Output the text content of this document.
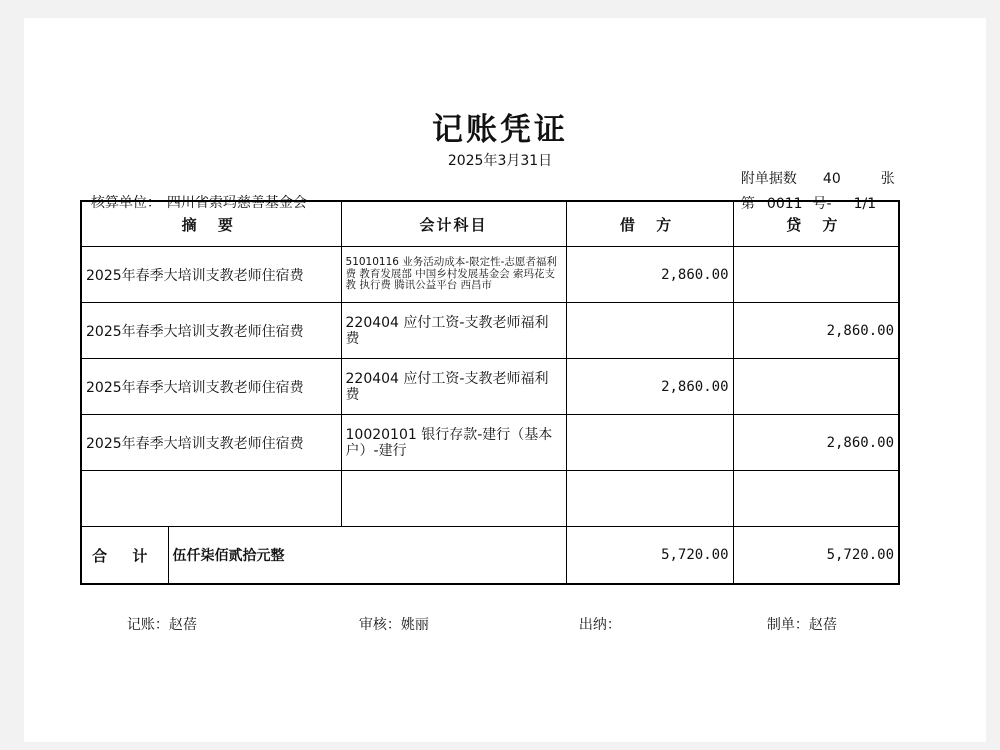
记账凭证
2025年3月31日

核算单位： 四川省索玛慈善基金会

附单据数 40	张

第 0011 号- 1/1

摘 要		会计科目	借 方	贷 方
2025年春季大培训支教老师住宿费		51010116 业务活动成本-限定性-志愿者福利费 教育发展部 中国乡村发展基金会 索玛花支教 执行费 腾讯公益平台 西昌市	2,860.00	
2025年春季大培训支教老师住宿费		220404 应付工资-支教老师福利费		2,860.00
2025年春季大培训支教老师住宿费		220404 应付工资-支教老师福利费	2,860.00	
2025年春季大培训支教老师住宿费		10020101 银行存款-建行（基本户）-建行		2,860.00

合 计	伍仟柒佰贰拾元整		5,720.00	5,720.00

记账：赵蓓	审核：姚丽	出纳：	制单：赵蓓
